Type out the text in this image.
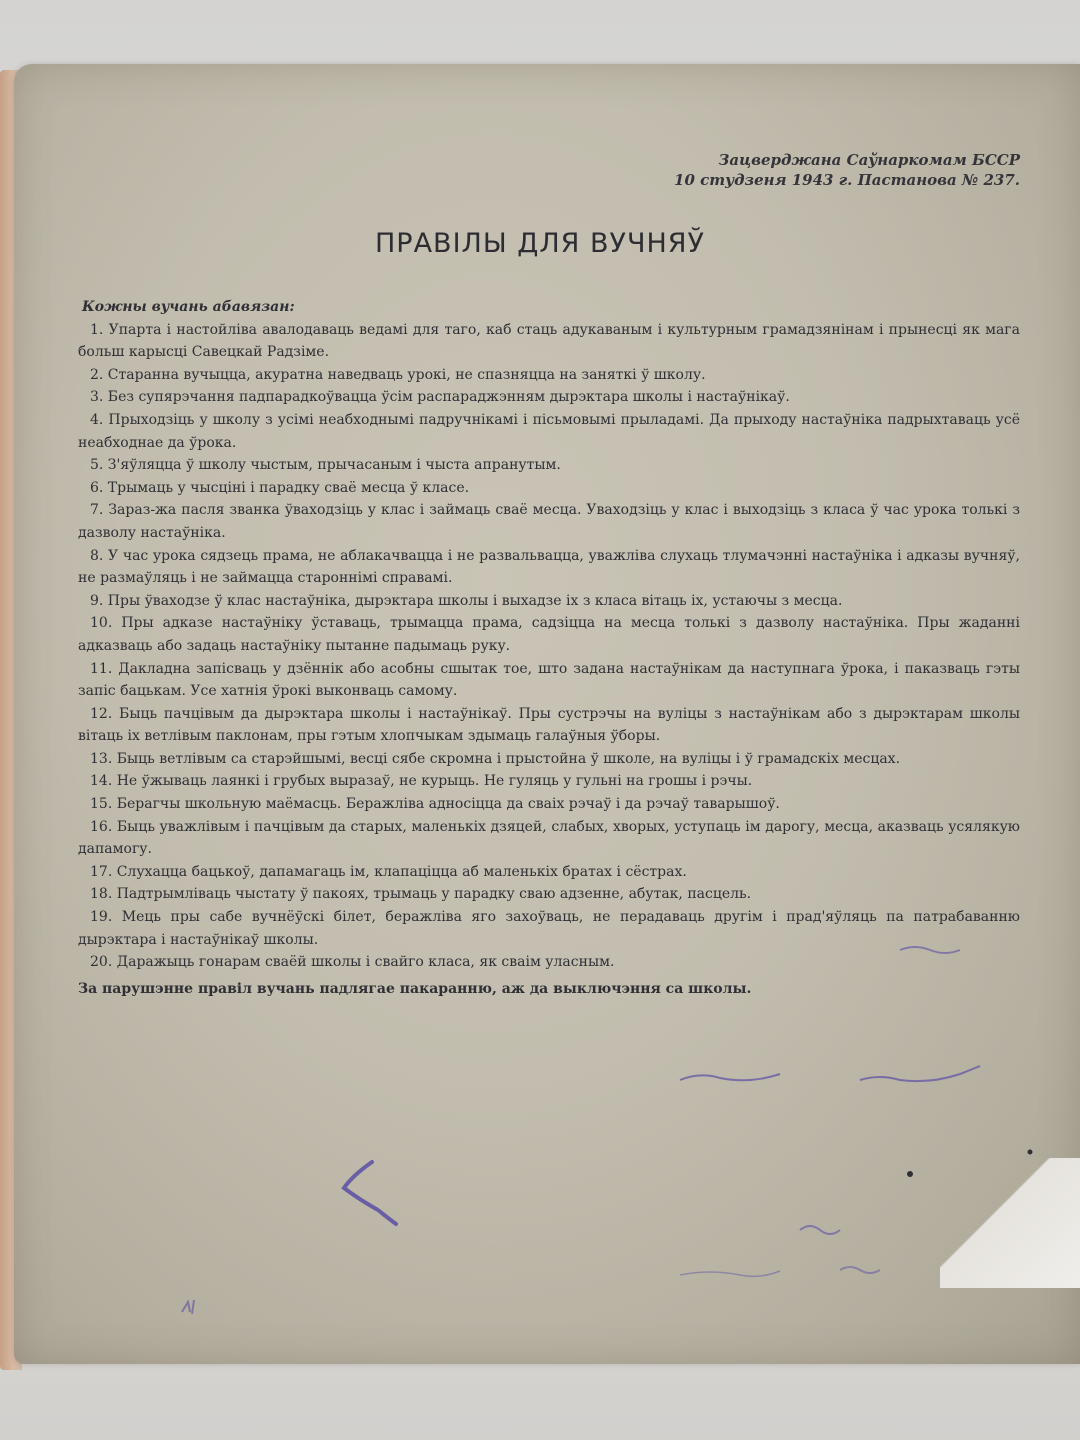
Зацверджана Саўнаркомам БССР
10 студзеня 1943 г. Пастанова № 237.
ПРАВІЛЫ ДЛЯ ВУЧНЯЎ
Кожны вучань абавязан:

1. Упарта і настойліва авалодаваць ведамі для таго, каб стаць адукаваным і культурным грамадзянінам і прынесці як мага больш карысці Савецкай Радзіме.

2. Старанна вучыцца, акуратна наведваць урокі, не спазняцца на заняткі ў школу.

3. Без супярэчання падпарадкоўвацца ўсім распараджэнням дырэктара школы і настаўнікаў.

4. Прыходзіць у школу з усімі неабходнымі падручнікамі і пісьмовымі прыладамі. Да прыходу настаўніка падрыхтаваць усё неабходнае да ўрока.

5. З'яўляцца ў школу чыстым, прычасаным і чыста апранутым.

6. Трымаць у чысціні і парадку сваё месца ў класе.

7. Зараз-жа пасля званка ўваходзіць у клас і займаць сваё месца. Уваходзіць у клас і выходзіць з класа ў час урока толькі з дазволу настаўніка.

8. У час урока сядзець прама, не аблакачвацца і не развальвацца, уважліва слухаць тлумачэнні настаўніка і адказы вучняў, не размаўляць і не займацца староннімі справамі.

9. Пры ўваходзе ў клас настаўніка, дырэктара школы і выхадзе іх з класа вітаць іх, устаючы з месца.

10. Пры адказе настаўніку ўставаць, трымацца прама, садзіцца на месца толькі з дазволу настаўніка. Пры жаданні адказваць або задаць настаўніку пытанне падымаць руку.

11. Дакладна запісваць у дзённік або асобны сшытак тое, што задана настаўнікам да наступнага ўрока, і паказваць гэты запіс бацькам. Усе хатнія ўрокі выконваць самому.

12. Быць пачцівым да дырэктара школы і настаўнікаў. Пры сустрэчы на вуліцы з настаўнікам або з дырэктарам школы вітаць іх ветлівым паклонам, пры гэтым хлопчыкам здымаць галаўныя ўборы.

13. Быць ветлівым са старэйшымі, весці сябе скромна і прыстойна ў школе, на вуліцы і ў грамадскіх месцах.

14. Не ўжываць лаянкі і грубых выразаў, не курыць. Не гуляць у гульні на грошы і рэчы.

15. Берагчы школьную маёмасць. Беражліва адносіцца да сваіх рэчаў і да рэчаў таварышоў.

16. Быць уважлівым і пачцівым да старых, маленькіх дзяцей, слабых, хворых, уступаць ім дарогу, месца, аказваць усялякую дапамогу.

17. Слухацца бацькоў, дапамагаць ім, клапаціцца аб маленькіх братах і сёстрах.

18. Падтрымліваць чыстату ў пакоях, трымаць у парадку сваю адзенне, абутак, пасцель.

19. Мець пры сабе вучнёўскі білет, беражліва яго захоўваць, не перадаваць другім і прад'яўляць па патрабаванню дырэктара і настаўнікаў школы.

20. Даражыць гонарам сваёй школы і свайго класа, як сваім уласным.

За парушэнне правіл вучань падлягае пакаранню, аж да выключэння са школы.
